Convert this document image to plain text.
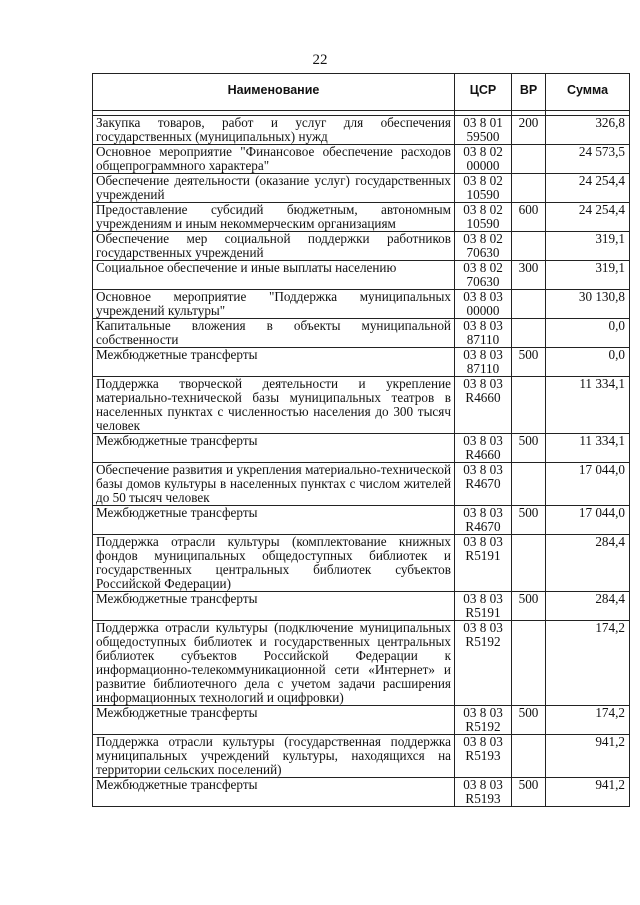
22
Наименование	ЦСР	ВР	Сумма

Закупка товаров, работ и услуг для обеспечения государственных (муниципальных) нужд	03 8 01 59500	200	326,8
Основное мероприятие "Финансовое обеспечение расходов общепрограммного характера"	03 8 02 00000		24 573,5
Обеспечение деятельности (оказание услуг) государственных учреждений	03 8 02 10590		24 254,4
Предоставление субсидий бюджетным, автономным учреждениям и иным некоммерческим организациям	03 8 02 10590	600	24 254,4
Обеспечение мер социальной поддержки работников государственных учреждений	03 8 02 70630		319,1
Социальное обеспечение и иные выплаты населению	03 8 02 70630	300	319,1
Основное мероприятие "Поддержка муниципальных учреждений культуры"	03 8 03 00000		30 130,8
Капитальные вложения в объекты муниципальной собственности	03 8 03 87110		0,0
Межбюджетные трансферты	03 8 03 87110	500	0,0
Поддержка творческой деятельности и укрепление материально-технической базы муниципальных театров в населенных пунктах с численностью населения до 300 тысяч человек	03 8 03 R4660		11 334,1
Межбюджетные трансферты	03 8 03 R4660	500	11 334,1
Обеспечение развития и укрепления материально-технической базы домов культуры в населенных пунктах с числом жителей до 50 тысяч человек	03 8 03 R4670		17 044,0
Межбюджетные трансферты	03 8 03 R4670	500	17 044,0
Поддержка отрасли культуры (комплектование книжных фондов муниципальных общедоступных библиотек и государственных центральных библиотек субъектов Российской Федерации)	03 8 03 R5191		284,4
Межбюджетные трансферты	03 8 03 R5191	500	284,4
Поддержка отрасли культуры (подключение муниципальных общедоступных библиотек и государственных центральных библиотек субъектов Российской Федерации к информационно-телекоммуникационной сети «Интернет» и развитие библиотечного дела с учетом задачи расширения информационных технологий и оцифровки)	03 8 03 R5192		174,2
Межбюджетные трансферты	03 8 03 R5192	500	174,2
Поддержка отрасли культуры (государственная поддержка муниципальных учреждений культуры, находящихся на территории сельских поселений)	03 8 03 R5193		941,2
Межбюджетные трансферты	03 8 03 R5193	500	941,2
